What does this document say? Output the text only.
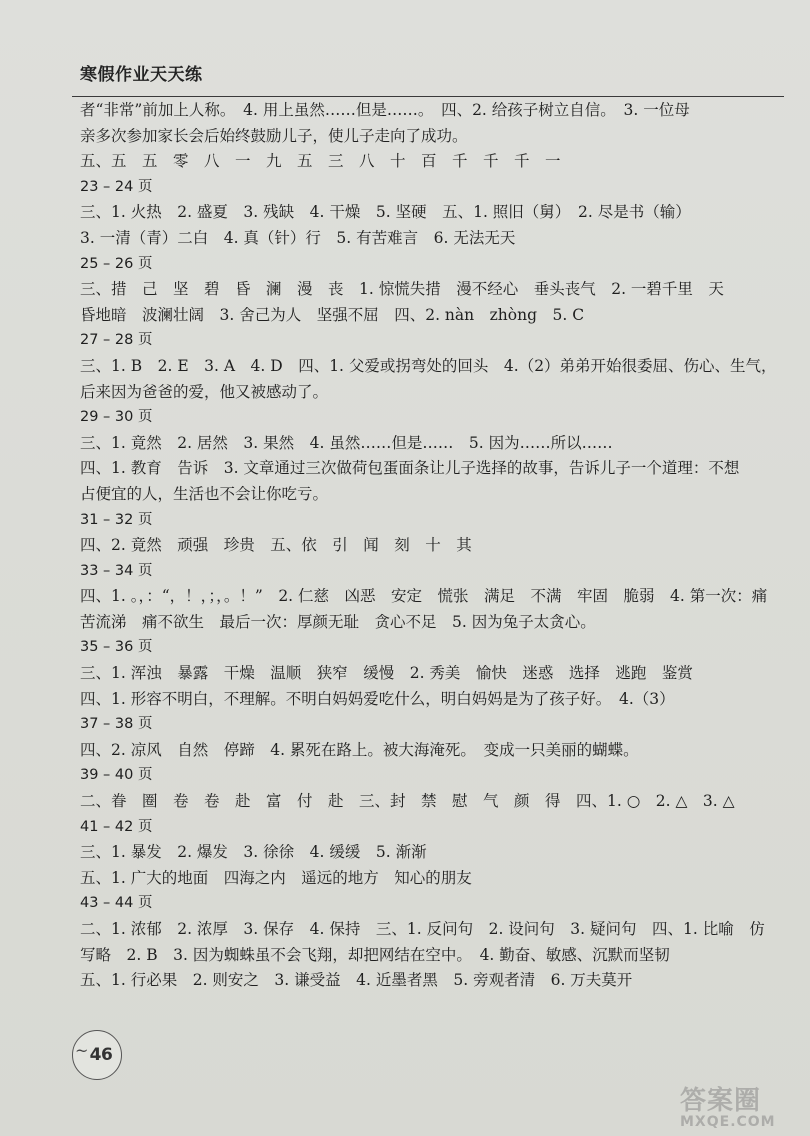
寒假作业天天练
者“非常”前加上人称。　4. 用上虽然……但是……。　四、2. 给孩子树立自信。　3. 一位母
亲多次参加家长会后始终鼓励儿子，使儿子走向了成功。
五、五　五　零　八　一　九　五　三　八　十　百　千　千　千　一
23 – 24 页
三、1. 火热　2. 盛夏　3. 残缺　4. 干燥　5. 坚硬　五、1. 照旧（舅）　2. 尽是书（输）
3. 一清（青）二白　4. 真（针）行　5. 有苦难言　6. 无法无天
25 – 26 页
三、措　己　坚　碧　昏　澜　漫　丧　1. 惊慌失措　漫不经心　垂头丧气　2. 一碧千里　天
昏地暗　波澜壮阔　3. 舍己为人　坚强不屈　四、2. nàn　zhòng　5. C
27 – 28 页
三、1. B　2. E　3. A　4. D　四、1. 父爱或拐弯处的回头　4.（2）弟弟开始很委屈、伤心、生气，
后来因为爸爸的爱，他又被感动了。
29 – 30 页
三、1. 竟然　2. 居然　3. 果然　4. 虽然……但是……　5. 因为……所以……
四、1. 教育　告诉　3. 文章通过三次做荷包蛋面条让儿子选择的故事，告诉儿子一个道理：不想
占便宜的人，生活也不会让你吃亏。
31 – 32 页
四、2. 竟然　顽强　珍贵　五、依　引　闻　刻　十　其
33 – 34 页
四、1. 。，：“，！，；，。！”　2. 仁慈　凶恶　安定　慌张　满足　不满　牢固　脆弱　4. 第一次：痛
苦流涕　痛不欲生　最后一次：厚颜无耻　贪心不足　5. 因为兔子太贪心。
35 – 36 页
三、1. 浑浊　暴露　干燥　温顺　狭窄　缓慢　2. 秀美　愉快　迷惑　选择　逃跑　鉴赏
四、1. 形容不明白，不理解。不明白妈妈爱吃什么，明白妈妈是为了孩子好。　4.（3）
37 – 38 页
四、2. 凉风　自然　停蹄　4. 累死在路上。被大海淹死。　变成一只美丽的蝴蝶。
39 – 40 页
二、眷　圈　卷　卷　赴　富　付　赴　三、封　禁　慰　气　颜　得　四、1. ○　2. △　3. △
41 – 42 页
三、1. 暴发　2. 爆发　3. 徐徐　4. 缓缓　5. 渐渐
五、1. 广大的地面　四海之内　遥远的地方　知心的朋友
43 – 44 页
二、1. 浓郁　2. 浓厚　3. 保存　4. 保持　三、1. 反问句　2. 设问句　3. 疑问句　四、1. 比喻　仿
写略　2. B　3. 因为蜘蛛虽不会飞翔，却把网结在空中。　4. 勤奋、敏感、沉默而坚韧
五、1. 行必果　2. 则安之　3. 谦受益　4. 近墨者黑　5. 旁观者清　6. 万夫莫开
~ 46
答案圈
MXQE.COM
